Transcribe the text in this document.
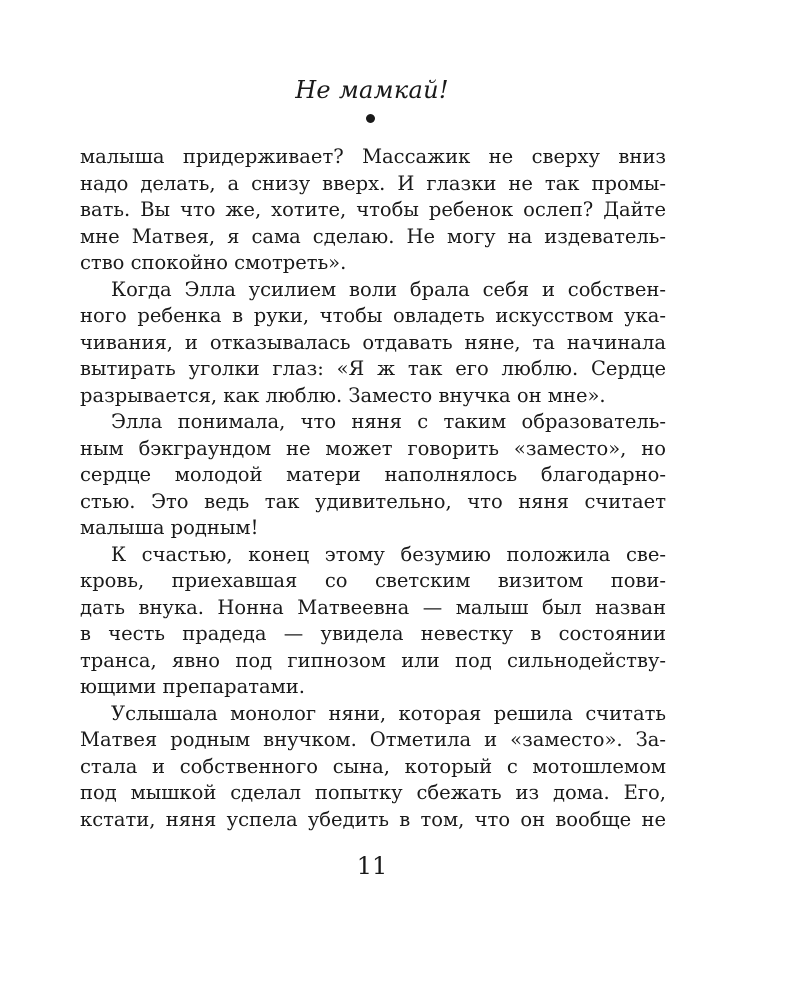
Не мамкай!
малыша придерживает? Массажик не сверху вниз
надо делать, а снизу вверх. И глазки не так промы-
вать. Вы что же, хотите, чтобы ребенок ослеп? Дайте
мне Матвея, я сама сделаю. Не могу на издеватель-
ство спокойно смотреть».
Когда Элла усилием воли брала себя и собствен-
ного ребенка в руки, чтобы овладеть искусством ука-
чивания, и отказывалась отдавать няне, та начинала
вытирать уголки глаз: «Я ж так его люблю. Сердце
разрывается, как люблю. Заместо внучка он мне».
Элла понимала, что няня с таким образователь-
ным бэкграундом не может говорить «заместо», но
сердце молодой матери наполнялось благодарно-
стью. Это ведь так удивительно, что няня считает
малыша родным!
К счастью, конец этому безумию положила све-
кровь, приехавшая со светским визитом пови-
дать внука. Нонна Матвеевна — малыш был назван
в честь прадеда — увидела невестку в состоянии
транса, явно под гипнозом или под сильнодейству-
ющими препаратами.
Услышала монолог няни, которая решила считать
Матвея родным внучком. Отметила и «заместо». За-
стала и собственного сына, который с мотошлемом
под мышкой сделал попытку сбежать из дома. Его,
кстати, няня успела убедить в том, что он вообще не
11
